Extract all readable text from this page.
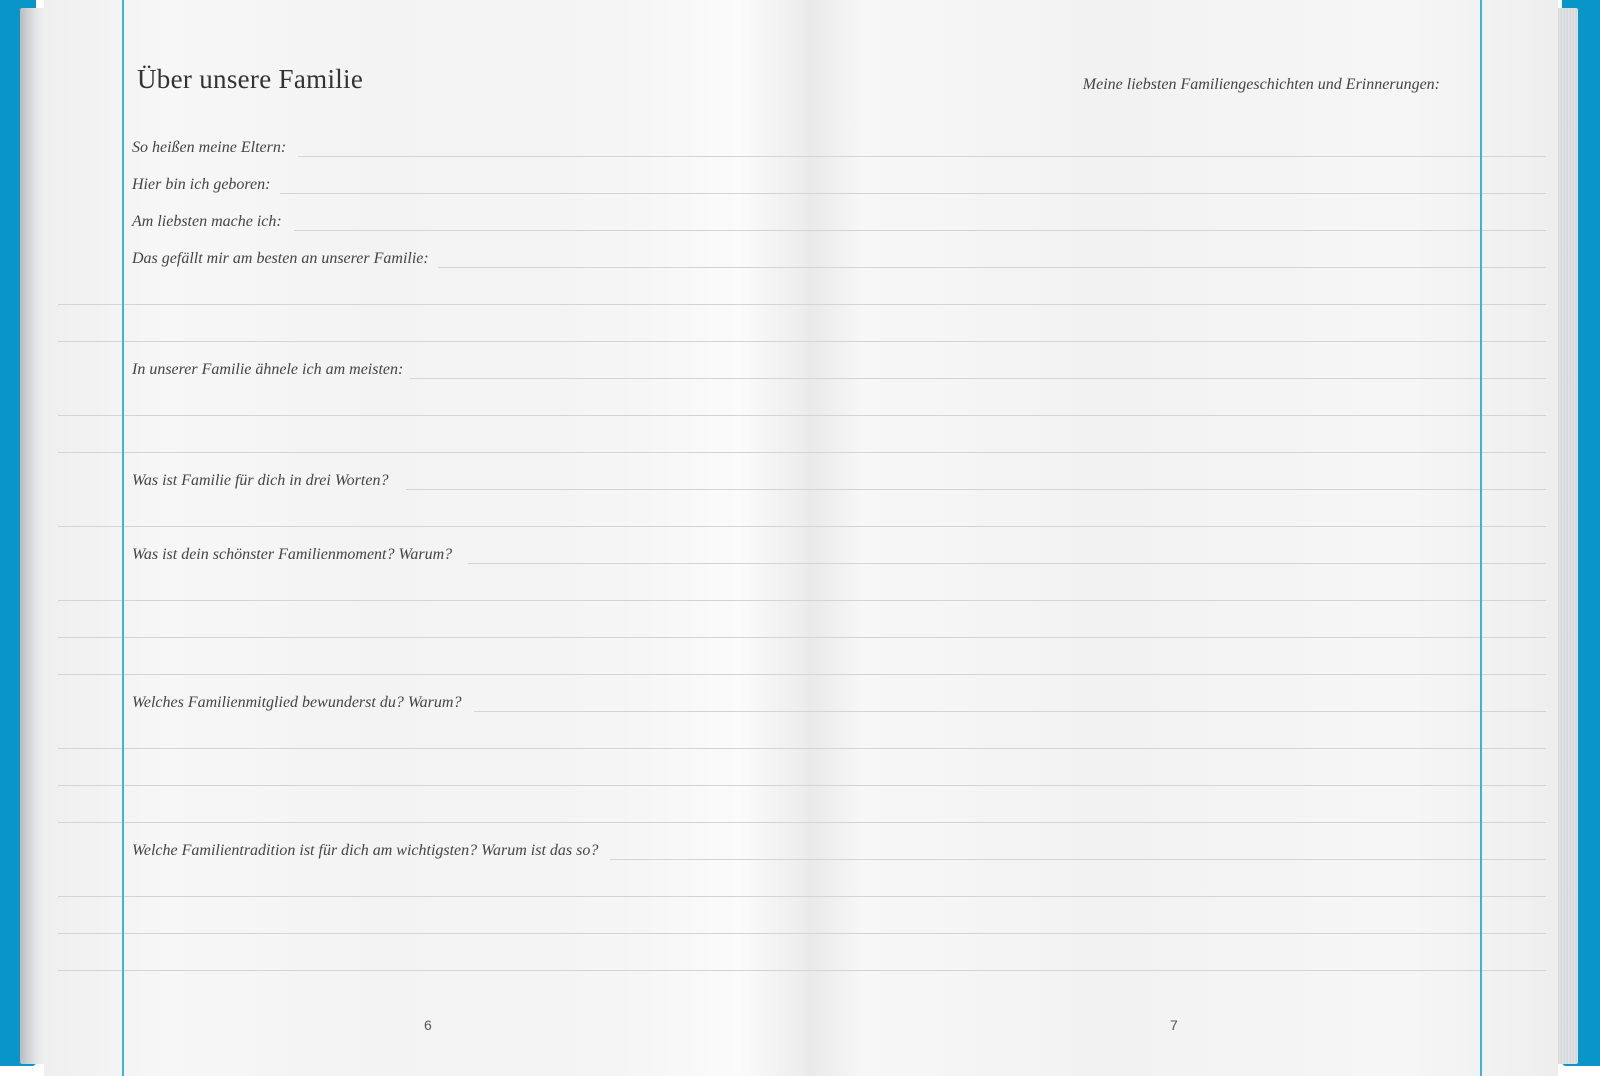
Über unsere Familie	Meine liebsten Familiengeschichten und Erinnerungen:
So heißen meine Eltern:
Hier bin ich geboren:
Am liebsten mache ich:
Das gefällt mir am besten an unserer Familie:
In unserer Familie ähnele ich am meisten:
Was ist Familie für dich in drei Worten?
Was ist dein schönster Familienmoment? Warum?
Welches Familienmitglied bewunderst du? Warum?
Welche Familientradition ist für dich am wichtigsten? Warum ist das so?
6	7
